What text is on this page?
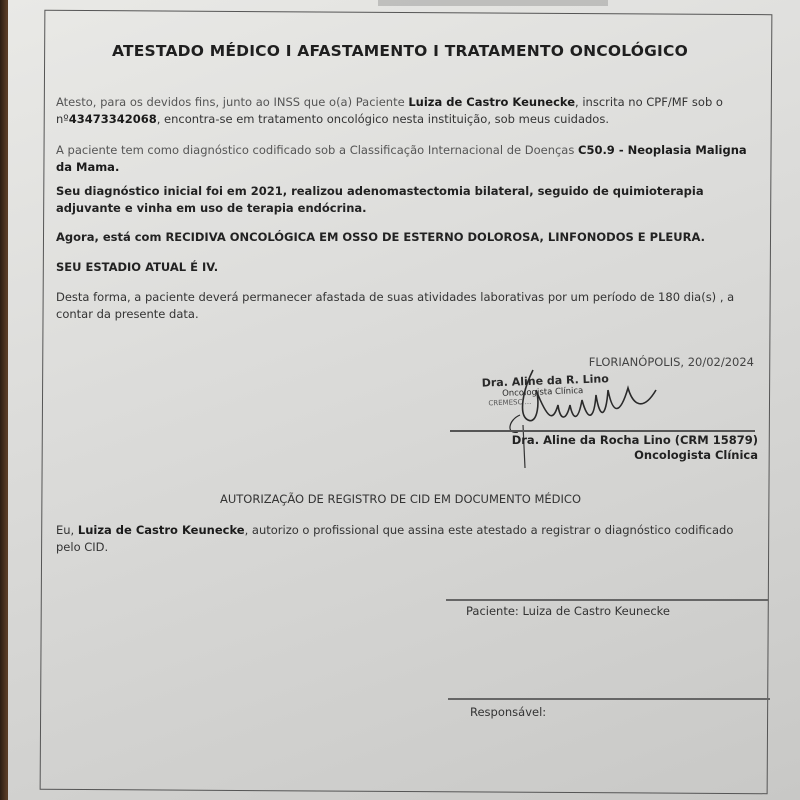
ATESTADO MÉDICO I AFASTAMENTO I TRATAMENTO ONCOLÓGICO
Atesto, para os devidos fins, junto ao INSS que o(a) Paciente Luiza de Castro Keunecke, inscrita no CPF/MF sob o nº43473342068, encontra-se em tratamento oncológico nesta instituição, sob meus cuidados.
A paciente tem como diagnóstico codificado sob a Classificação Internacional de Doenças C50.9 - Neoplasia Maligna da Mama.
Seu diagnóstico inicial foi em 2021, realizou adenomastectomia bilateral, seguido de quimioterapia adjuvante e vinha em uso de terapia endócrina.
Agora, está com RECIDIVA ONCOLÓGICA EM OSSO DE ESTERNO DOLOROSA, LINFONODOS E PLEURA.
SEU ESTADIO ATUAL É IV.
Desta forma, a paciente deverá permanecer afastada de suas atividades laborativas por um período de 180 dia(s) , a contar da presente data.
FLORIANÓPOLIS, 20/02/2024
Dra. Aline da R. Lino
Oncologista Clínica
CREMESC ...
Dra. Aline da Rocha Lino (CRM 15879)
Oncologista Clínica
AUTORIZAÇÃO DE REGISTRO DE CID EM DOCUMENTO MÉDICO
Eu, Luiza de Castro Keunecke, autorizo o profissional que assina este atestado a registrar o diagnóstico codificado pelo CID.
Paciente: Luiza de Castro Keunecke
Responsável:
